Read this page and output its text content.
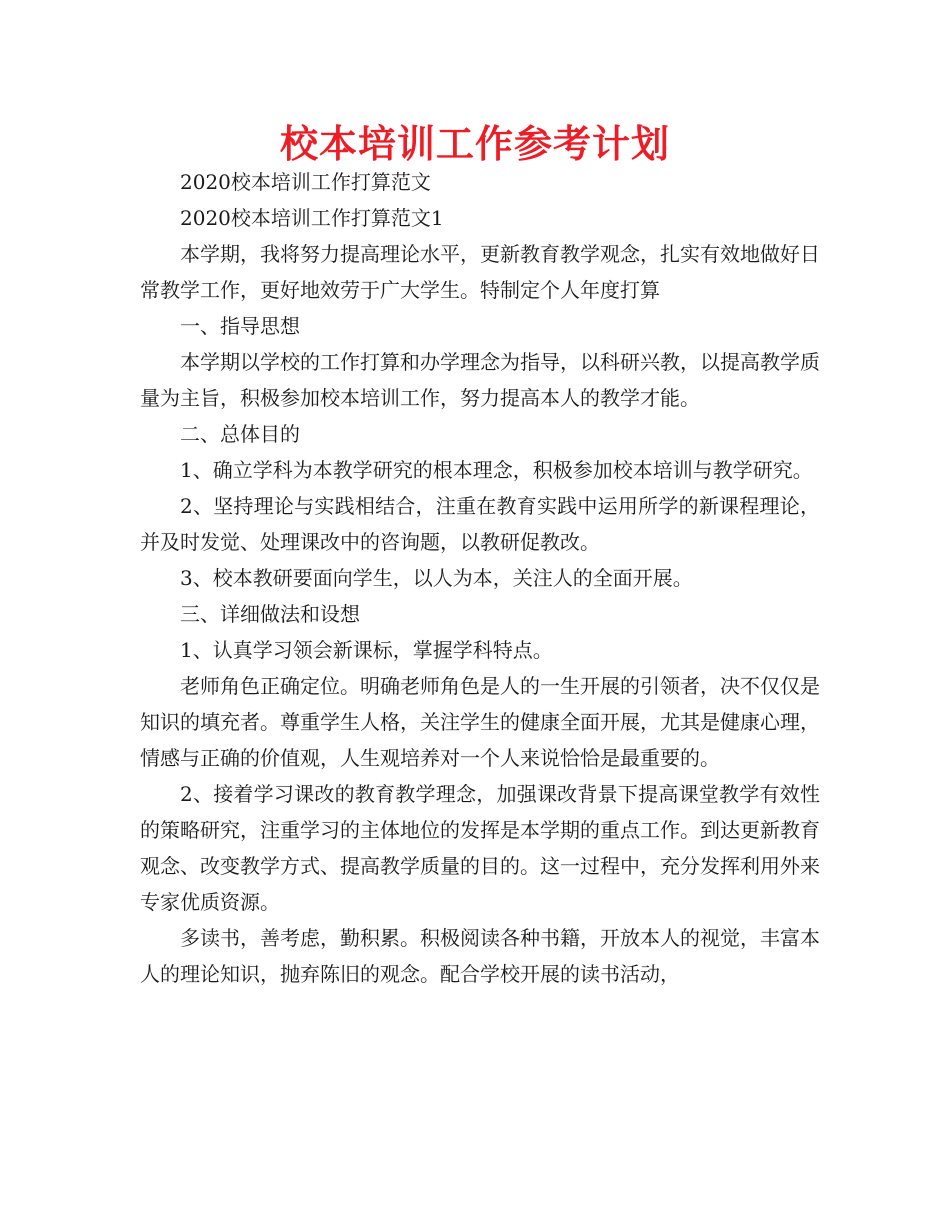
校本培训工作参考计划

2020校本培训工作打算范文

2020校本培训工作打算范文1

本学期，我将努力提高理论水平，更新教育教学观念，扎实有效地做好日常教学工作，更好地效劳于广大学生。特制定个人年度打算

一、指导思想

本学期以学校的工作打算和办学理念为指导，以科研兴教，以提高教学质量为主旨，积极参加校本培训工作，努力提高本人的教学才能。

二、总体目的

1、确立学科为本教学研究的根本理念，积极参加校本培训与教学研究。

2、坚持理论与实践相结合，注重在教育实践中运用所学的新课程理论，并及时发觉、处理课改中的咨询题，以教研促教改。

3、校本教研要面向学生，以人为本，关注人的全面开展。

三、详细做法和设想

1、认真学习领会新课标，掌握学科特点。

老师角色正确定位。明确老师角色是人的一生开展的引领者，决不仅仅是知识的填充者。尊重学生人格，关注学生的健康全面开展，尤其是健康心理，情感与正确的价值观，人生观培养对一个人来说恰恰是最重要的。

2、接着学习课改的教育教学理念，加强课改背景下提高课堂教学有效性的策略研究，注重学习的主体地位的发挥是本学期的重点工作。到达更新教育观念、改变教学方式、提高教学质量的目的。这一过程中，充分发挥利用外来专家优质资源。

多读书，善考虑，勤积累。积极阅读各种书籍，开放本人的视觉，丰富本人的理论知识，抛弃陈旧的观念。配合学校开展的读书活动，
